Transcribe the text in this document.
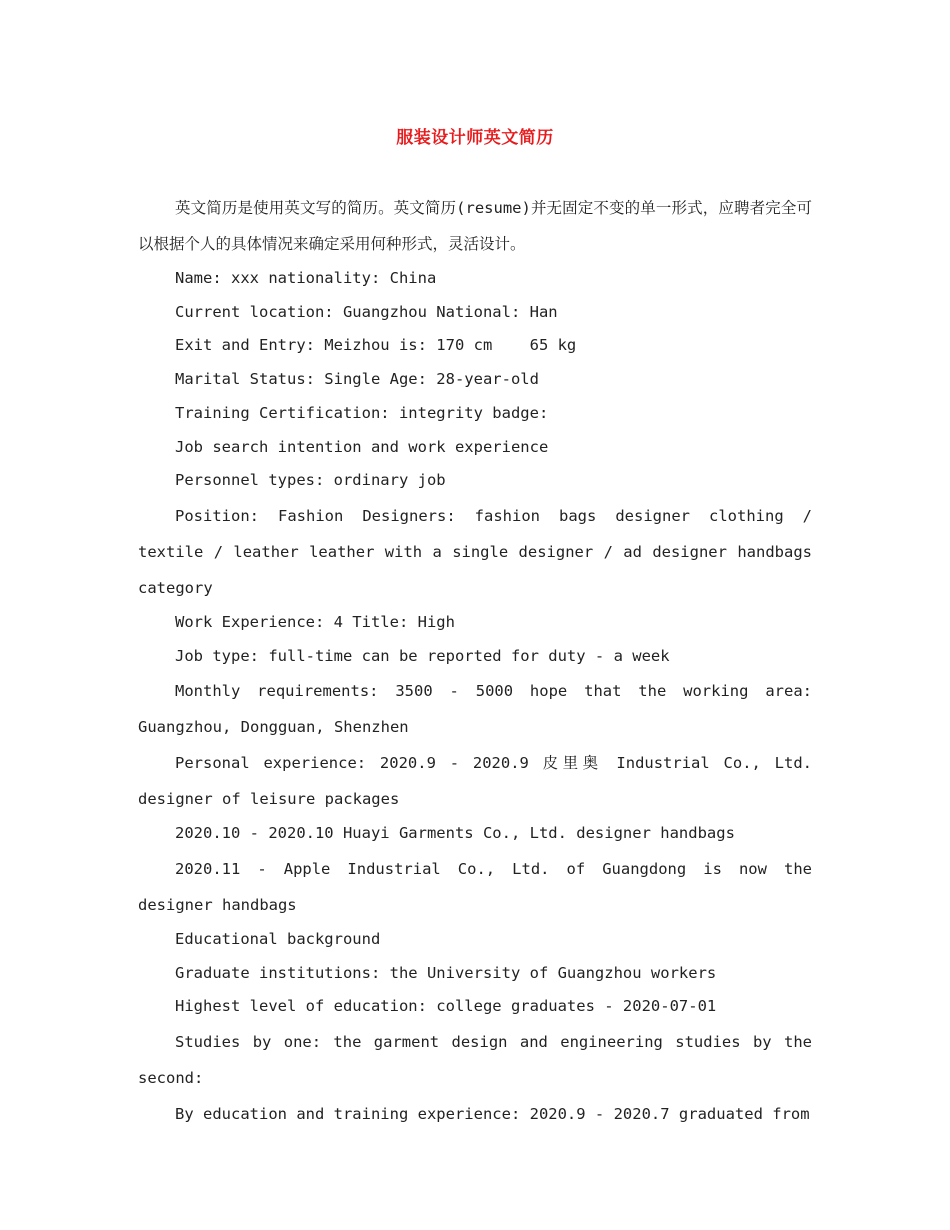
服装设计师英文简历

英文简历是使用英文写的简历。英文简历(resume)并无固定不变的单一形式，应聘者完全可以根据个人的具体情况来确定采用何种形式，灵活设计。

Name: xxx nationality: China

Current location: Guangzhou National: Han

Exit and Entry: Meizhou is: 170 cm    65 kg

Marital Status: Single Age: 28-year-old

Training Certification: integrity badge:

Job search intention and work experience

Personnel types: ordinary job

Position: Fashion Designers: fashion bags designer clothing / textile / leather leather with a single designer / ad designer handbags category

Work Experience: 4 Title: High

Job type: full-time can be reported for duty - a week

Monthly requirements: 3500 - 5000 hope that the working area: Guangzhou, Dongguan, Shenzhen

Personal experience: 2020.9 - 2020.9 皮里奥 Industrial Co., Ltd. designer of leisure packages

2020.10 - 2020.10 Huayi Garments Co., Ltd. designer handbags

2020.11 - Apple Industrial Co., Ltd. of Guangdong is now the designer handbags

Educational background

Graduate institutions: the University of Guangzhou workers

Highest level of education: college graduates - 2020-07-01

Studies by one: the garment design and engineering studies by the second:

By education and training experience: 2020.9 - 2020.7 graduated from
